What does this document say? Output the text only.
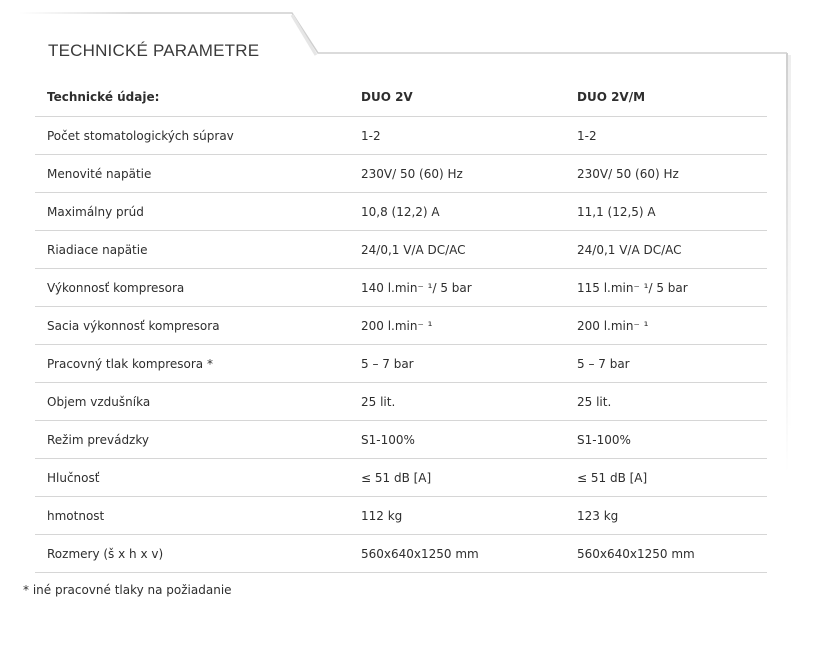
TECHNICKÉ PARAMETRE
Technické údaje:	DUO 2V	DUO 2V/M
Počet stomatologických súprav	1-2	1-2
Menovité napätie	230V/ 50 (60) Hz	230V/ 50 (60) Hz
Maximálny prúd	10,8 (12,2) A	11,1 (12,5) A
Riadiace napätie	24/0,1 V/A DC/AC	24/0,1 V/A DC/AC
Výkonnosť kompresora	140 l.min⁻ ¹/ 5 bar	115 l.min⁻ ¹/ 5 bar
Sacia výkonnosť kompresora	200 l.min⁻ ¹	200 l.min⁻ ¹
Pracovný tlak kompresora *	5 – 7 bar	5 – 7 bar
Objem vzdušníka	25 lit.	25 lit.
Režim prevádzky	S1-100%	S1-100%
Hlučnosť	≤ 51 dB [A]	≤ 51 dB [A]
hmotnost	112 kg	123 kg
Rozmery (š x h x v)	560x640x1250 mm	560x640x1250 mm
* iné pracovné tlaky na požiadanie
